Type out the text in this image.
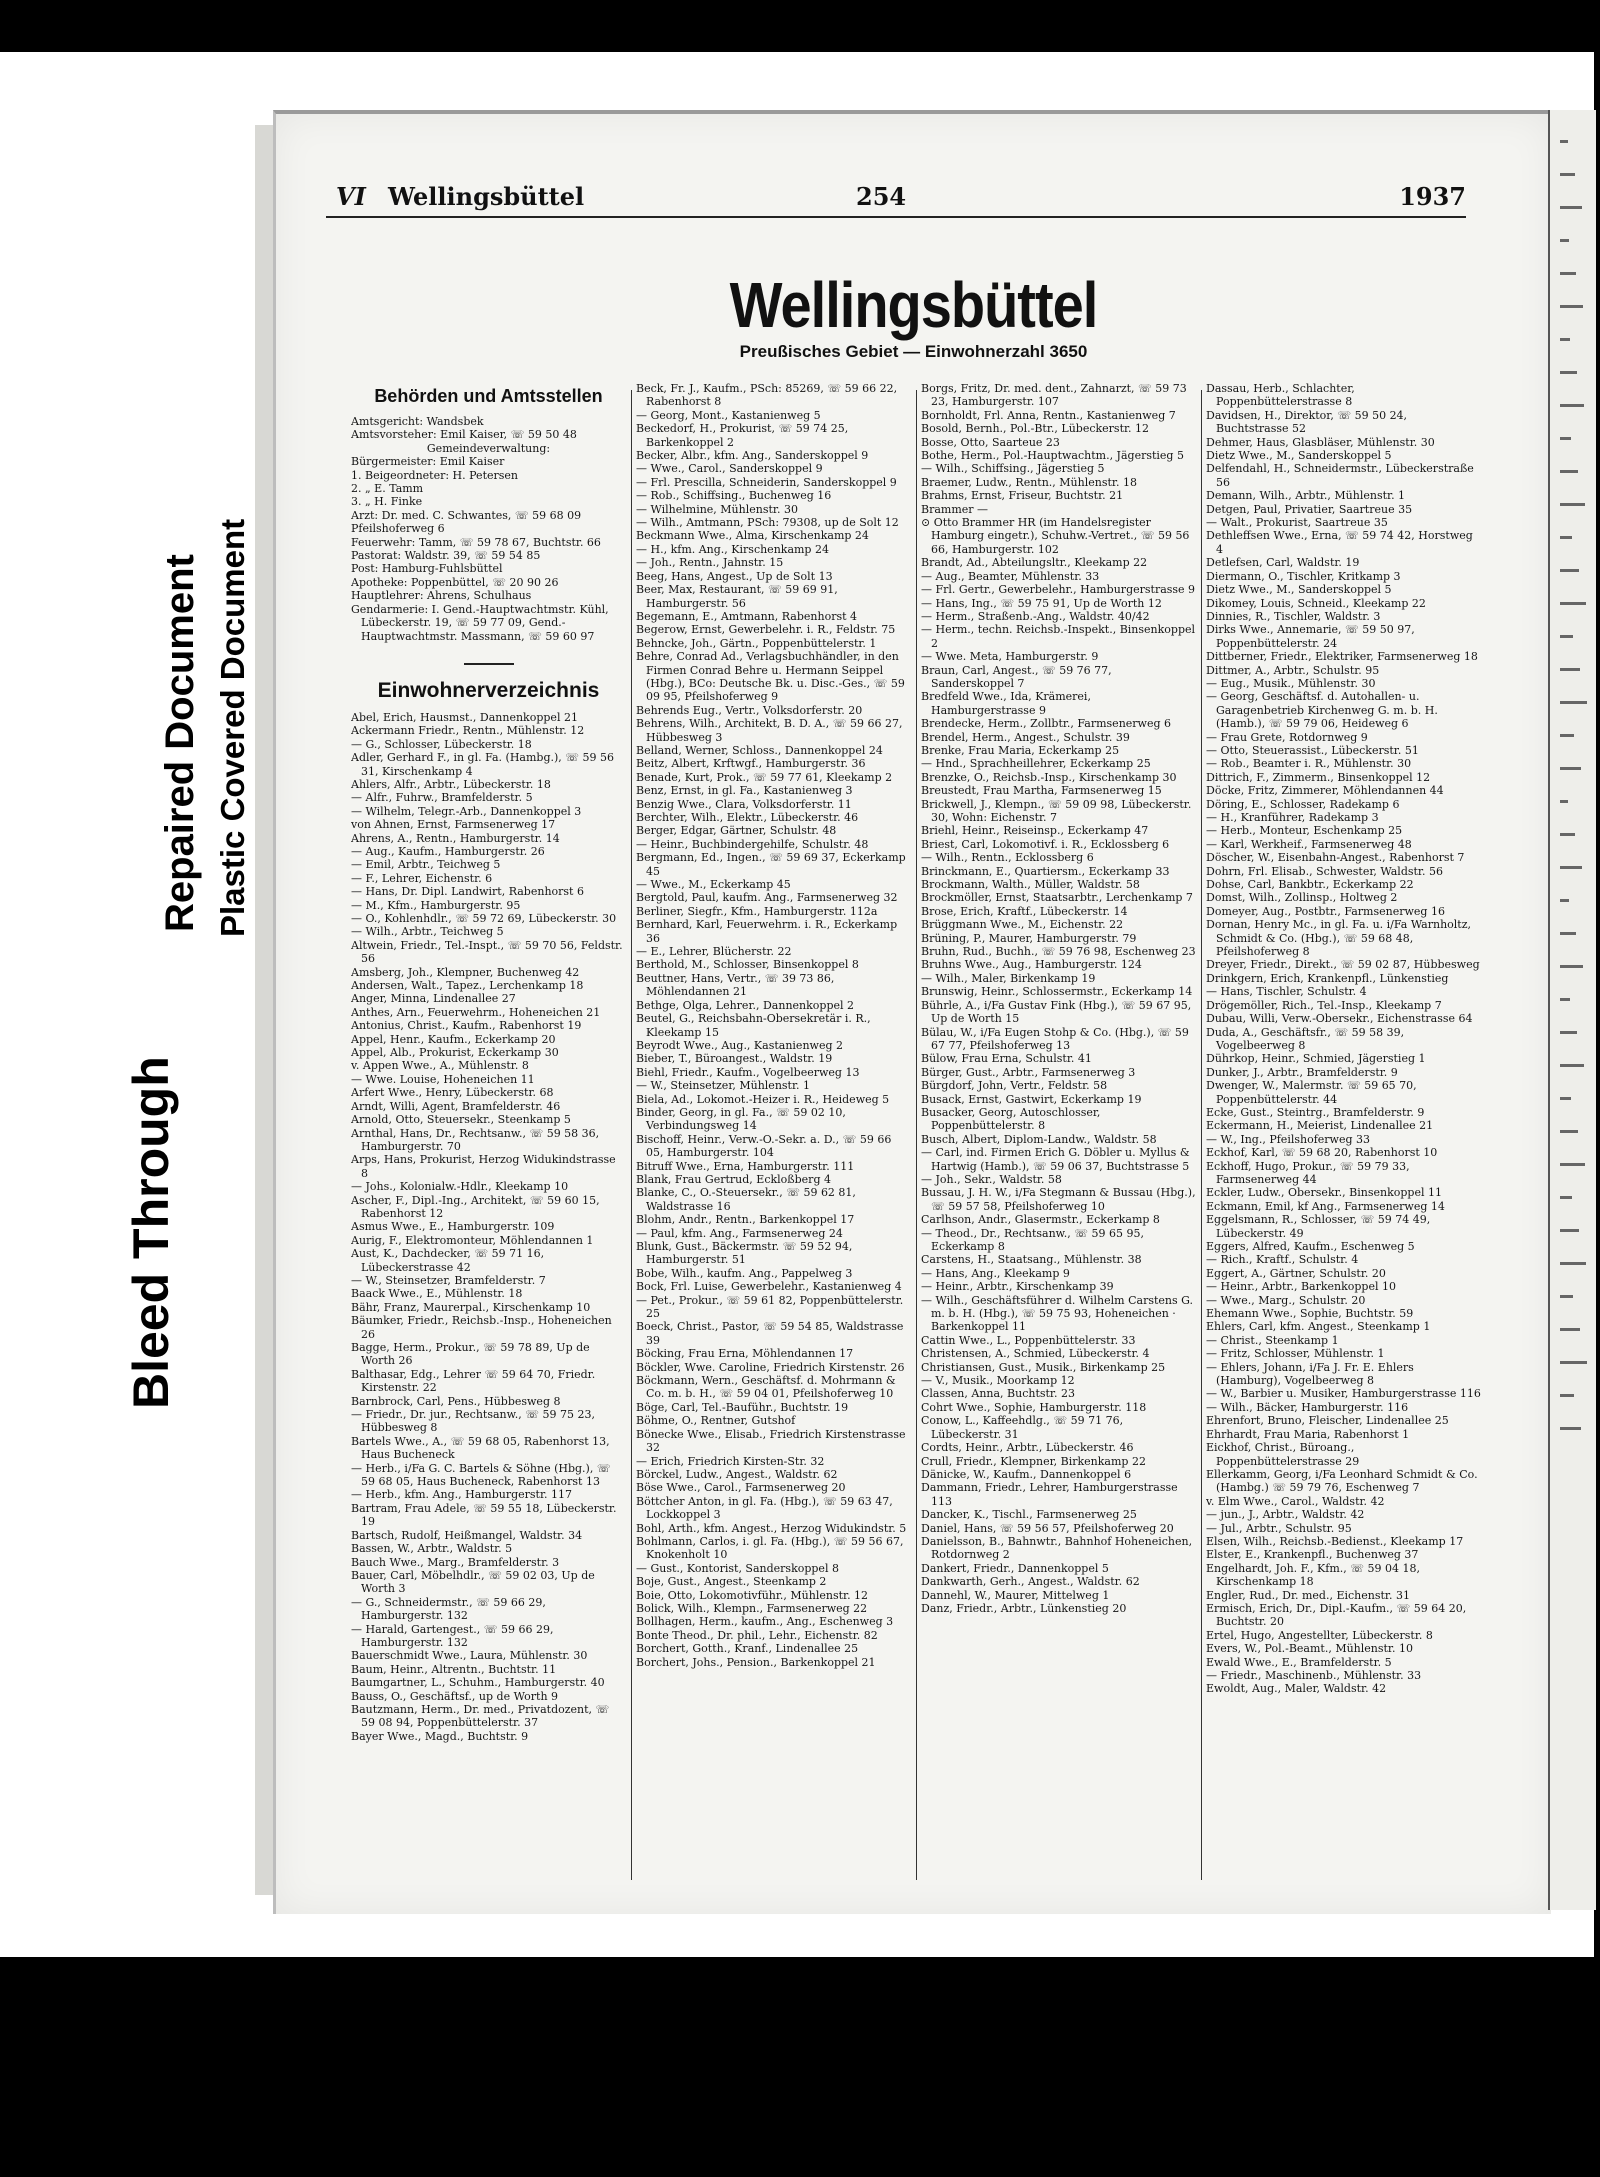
Bleed Through
Repaired Document Plastic Covered Document
VI Wellingsbüttel	254	1937
Wellingsbüttel
Preußisches Gebiet — Einwohnerzahl 3650
Behörden und Amtsstellen

Amtsgericht: Wandsbek

Amtsvorsteher: Emil Kaiser, ☏ 59 50 48

Gemeindeverwaltung:

Bürgermeister: Emil Kaiser

1. Beigeordneter: H. Petersen

2. „ E. Tamm

3. „ H. Finke

Arzt: Dr. med. C. Schwantes, ☏ 59 68 09

Pfeilshoferweg 6

Feuerwehr: Tamm, ☏ 59 78 67, Buchtstr. 66

Pastorat: Waldstr. 39, ☏ 59 54 85

Post: Hamburg-Fuhlsbüttel

Apotheke: Poppenbüttel, ☏ 20 90 26

Hauptlehrer: Ahrens, Schulhaus

Gendarmerie: I. Gend.-Hauptwachtmstr. Kühl, Lübeckerstr. 19, ☏ 59 77 09, Gend.-Hauptwachtmstr. Massmann, ☏ 59 60 97

Einwohnerverzeichnis

Abel, Erich, Hausmst., Dannenkoppel 21

Ackermann Friedr., Rentn., Mühlenstr. 12

— G., Schlosser, Lübeckerstr. 18

Adler, Gerhard F., in gl. Fa. (Hambg.), ☏ 59 56 31, Kirschenkamp 4

Ahlers, Alfr., Arbtr., Lübeckerstr. 18

— Alfr., Fuhrw., Bramfelderstr. 5

— Wilhelm, Telegr.-Arb., Dannenkoppel 3

von Ahnen, Ernst, Farmsenerweg 17

Ahrens, A., Rentn., Hamburgerstr. 14

— Aug., Kaufm., Hamburgerstr. 26

— Emil, Arbtr., Teichweg 5

— F., Lehrer, Eichenstr. 6

— Hans, Dr. Dipl. Landwirt, Rabenhorst 6

— M., Kfm., Hamburgerstr. 95

— O., Kohlenhdlr., ☏ 59 72 69, Lübeckerstr. 30

— Wilh., Arbtr., Teichweg 5

Altwein, Friedr., Tel.-Inspt., ☏ 59 70 56, Feldstr. 56

Amsberg, Joh., Klempner, Buchenweg 42

Andersen, Walt., Tapez., Lerchenkamp 18

Anger, Minna, Lindenallee 27

Anthes, Arn., Feuerwehrm., Hoheneichen 21

Antonius, Christ., Kaufm., Rabenhorst 19

Appel, Henr., Kaufm., Eckerkamp 20

Appel, Alb., Prokurist, Eckerkamp 30

v. Appen Wwe., A., Mühlenstr. 8

— Wwe. Louise, Hoheneichen 11

Arfert Wwe., Henry, Lübeckerstr. 68

Arndt, Willi, Agent, Bramfelderstr. 46

Arnold, Otto, Steuersekr., Steenkamp 5

Arnthal, Hans, Dr., Rechtsanw., ☏ 59 58 36, Hamburgerstr. 70

Arps, Hans, Prokurist, Herzog Widukindstrasse 8

— Johs., Kolonialw.-Hdlr., Kleekamp 10

Ascher, F., Dipl.-Ing., Architekt, ☏ 59 60 15, Rabenhorst 12

Asmus Wwe., E., Hamburgerstr. 109

Aurig, F., Elektromonteur, Möhlendannen 1

Aust, K., Dachdecker, ☏ 59 71 16, Lübeckerstrasse 42

— W., Steinsetzer, Bramfelderstr. 7

Baack Wwe., E., Mühlenstr. 18

Bähr, Franz, Maurerpal., Kirschenkamp 10

Bäumker, Friedr., Reichsb.-Insp., Hoheneichen 26

Bagge, Herm., Prokur., ☏ 59 78 89, Up de Worth 26

Balthasar, Edg., Lehrer ☏ 59 64 70, Friedr. Kirstenstr. 22

Barnbrock, Carl, Pens., Hübbesweg 8

— Friedr., Dr. jur., Rechtsanw., ☏ 59 75 23, Hübbesweg 8

Bartels Wwe., A., ☏ 59 68 05, Rabenhorst 13, Haus Bucheneck

— Herb., i/Fa G. C. Bartels & Söhne (Hbg.), ☏ 59 68 05, Haus Bucheneck, Rabenhorst 13

— Herb., kfm. Ang., Hamburgerstr. 117

Bartram, Frau Adele, ☏ 59 55 18, Lübeckerstr. 19

Bartsch, Rudolf, Heißmangel, Waldstr. 34

Bassen, W., Arbtr., Waldstr. 5

Bauch Wwe., Marg., Bramfelderstr. 3

Bauer, Carl, Möbelhdlr., ☏ 59 02 03, Up de Worth 3

— G., Schneidermstr., ☏ 59 66 29, Hamburgerstr. 132

— Harald, Gartengest., ☏ 59 66 29, Hamburgerstr. 132

Bauerschmidt Wwe., Laura, Mühlenstr. 30

Baum, Heinr., Altrentn., Buchtstr. 11

Baumgartner, L., Schuhm., Hamburgerstr. 40

Bauss, O., Geschäftsf., up de Worth 9

Bautzmann, Herm., Dr. med., Privatdozent, ☏ 59 08 94, Poppenbüttelerstr. 37

Bayer Wwe., Magd., Buchtstr. 9

Beck, Fr. J., Kaufm., PSch: 85269, ☏ 59 66 22, Rabenhorst 8

— Georg, Mont., Kastanienweg 5

Beckedorf, H., Prokurist, ☏ 59 74 25, Barkenkoppel 2

Becker, Albr., kfm. Ang., Sanderskoppel 9

— Wwe., Carol., Sanderskoppel 9

— Frl. Prescilla, Schneiderin, Sanderskoppel 9

— Rob., Schiffsing., Buchenweg 16

— Wilhelmine, Mühlenstr. 30

— Wilh., Amtmann, PSch: 79308, up de Solt 12

Beckmann Wwe., Alma, Kirschenkamp 24

— H., kfm. Ang., Kirschenkamp 24

— Joh., Rentn., Jahnstr. 15

Beeg, Hans, Angest., Up de Solt 13

Beer, Max, Restaurant, ☏ 59 69 91, Hamburgerstr. 56

Begemann, E., Amtmann, Rabenhorst 4

Begerow, Ernst, Gewerbelehr. i. R., Feldstr. 75

Behncke, Joh., Gärtn., Poppenbüttelerstr. 1

Behre, Conrad Ad., Verlagsbuchhändler, in den Firmen Conrad Behre u. Hermann Seippel (Hbg.), BCo: Deutsche Bk. u. Disc.-Ges., ☏ 59 09 95, Pfeilshoferweg 9

Behrends Eug., Vertr., Volksdorferstr. 20

Behrens, Wilh., Architekt, B. D. A., ☏ 59 66 27, Hübbesweg 3

Belland, Werner, Schloss., Dannenkoppel 24

Beitz, Albert, Krftwgf., Hamburgerstr. 36

Benade, Kurt, Prok., ☏ 59 77 61, Kleekamp 2

Benz, Ernst, in gl. Fa., Kastanienweg 3

Benzig Wwe., Clara, Volksdorferstr. 11

Berchter, Wilh., Elektr., Lübeckerstr. 46

Berger, Edgar, Gärtner, Schulstr. 48

— Heinr., Buchbindergehilfe, Schulstr. 48

Bergmann, Ed., Ingen., ☏ 59 69 37, Eckerkamp 45

— Wwe., M., Eckerkamp 45

Bergtold, Paul, kaufm. Ang., Farmsenerweg 32

Berliner, Siegfr., Kfm., Hamburgerstr. 112a

Bernhard, Karl, Feuerwehrm. i. R., Eckerkamp 36

— E., Lehrer, Blücherstr. 22

Berthold, M., Schlosser, Binsenkoppel 8

Beuttner, Hans, Vertr., ☏ 39 73 86, Möhlendannen 21

Bethge, Olga, Lehrer., Dannenkoppel 2

Beutel, G., Reichsbahn-Obersekretär i. R., Kleekamp 15

Beyrodt Wwe., Aug., Kastanienweg 2

Bieber, T., Büroangest., Waldstr. 19

Biehl, Friedr., Kaufm., Vogelbeerweg 13

— W., Steinsetzer, Mühlenstr. 1

Biela, Ad., Lokomot.-Heizer i. R., Heideweg 5

Binder, Georg, in gl. Fa., ☏ 59 02 10, Verbindungsweg 14

Bischoff, Heinr., Verw.-O.-Sekr. a. D., ☏ 59 66 05, Hamburgerstr. 104

Bitruff Wwe., Erna, Hamburgerstr. 111

Blank, Frau Gertrud, Eckloßberg 4

Blanke, C., O.-Steuersekr., ☏ 59 62 81, Waldstrasse 16

Blohm, Andr., Rentn., Barkenkoppel 17

— Paul, kfm. Ang., Farmsenerweg 24

Blunk, Gust., Bäckermstr. ☏ 59 52 94, Hamburgerstr. 51

Bobe, Wilh., kaufm. Ang., Pappelweg 3

Bock, Frl. Luise, Gewerbelehr., Kastanienweg 4

— Pet., Prokur., ☏ 59 61 82, Poppenbüttelerstr. 25

Boeck, Christ., Pastor, ☏ 59 54 85, Waldstrasse 39

Böcking, Frau Erna, Möhlendannen 17

Böckler, Wwe. Caroline, Friedrich Kirstenstr. 26

Böckmann, Wern., Geschäftsf. d. Mohrmann & Co. m. b. H., ☏ 59 04 01, Pfeilshoferweg 10

Böge, Carl, Tel.-Bauführ., Buchtstr. 19

Böhme, O., Rentner, Gutshof

Bönecke Wwe., Elisab., Friedrich Kirstenstrasse 32

— Erich, Friedrich Kirsten-Str. 32

Börckel, Ludw., Angest., Waldstr. 62

Böse Wwe., Carol., Farmsenerweg 20

Böttcher Anton, in gl. Fa. (Hbg.), ☏ 59 63 47, Lockkoppel 3

Bohl, Arth., kfm. Angest., Herzog Widukindstr. 5

Bohlmann, Carlos, i. gl. Fa. (Hbg.), ☏ 59 56 67, Knokenholt 10

— Gust., Kontorist, Sanderskoppel 8

Boje, Gust., Angest., Steenkamp 2

Boie, Otto, Lokomotivführ., Mühlenstr. 12

Bolick, Wilh., Klempn., Farmsenerweg 22

Bollhagen, Herm., kaufm., Ang., Eschenweg 3

Bonte Theod., Dr. phil., Lehr., Eichenstr. 82

Borchert, Gotth., Kranf., Lindenallee 25

Borchert, Johs., Pension., Barkenkoppel 21

Borgs, Fritz, Dr. med. dent., Zahnarzt, ☏ 59 73 23, Hamburgerstr. 107

Bornholdt, Frl. Anna, Rentn., Kastanienweg 7

Bosold, Bernh., Pol.-Btr., Lübeckerstr. 12

Bosse, Otto, Saarteue 23

Bothe, Herm., Pol.-Hauptwachtm., Jägerstieg 5

— Wilh., Schiffsing., Jägerstieg 5

Braemer, Ludw., Rentn., Mühlenstr. 18

Brahms, Ernst, Friseur, Buchtstr. 21

Brammer —

⊙ Otto Brammer HR (im Handelsregister Hamburg eingetr.), Schuhw.-Vertret., ☏ 59 56 66, Hamburgerstr. 102

Brandt, Ad., Abteilungsltr., Kleekamp 22

— Aug., Beamter, Mühlenstr. 33

— Frl. Gertr., Gewerbelehr., Hamburgerstrasse 9

— Hans, Ing., ☏ 59 75 91, Up de Worth 12

— Herm., Straßenb.-Ang., Waldstr. 40/42

— Herm., techn. Reichsb.-Inspekt., Binsenkoppel 2

— Wwe. Meta, Hamburgerstr. 9

Braun, Carl, Angest., ☏ 59 76 77, Sanderskoppel 7

Bredfeld Wwe., Ida, Krämerei, Hamburgerstrasse 9

Brendecke, Herm., Zollbtr., Farmsenerweg 6

Brendel, Herm., Angest., Schulstr. 39

Brenke, Frau Maria, Eckerkamp 25

— Hnd., Sprachheillehrer, Eckerkamp 25

Brenzke, O., Reichsb.-Insp., Kirschenkamp 30

Breustedt, Frau Martha, Farmsenerweg 15

Brickwell, J., Klempn., ☏ 59 09 98, Lübeckerstr. 30, Wohn: Eichenstr. 7

Briehl, Heinr., Reiseinsp., Eckerkamp 47

Briest, Carl, Lokomotivf. i. R., Ecklossberg 6

— Wilh., Rentn., Ecklossberg 6

Brinckmann, E., Quartiersm., Eckerkamp 33

Brockmann, Walth., Müller, Waldstr. 58

Brockmöller, Ernst, Staatsarbtr., Lerchenkamp 7

Brose, Erich, Kraftf., Lübeckerstr. 14

Brüggmann Wwe., M., Eichenstr. 22

Brüning, P., Maurer, Hamburgerstr. 79

Bruhn, Rud., Buchh., ☏ 59 76 98, Eschenweg 23

Bruhns Wwe., Aug., Hamburgerstr. 124

— Wilh., Maler, Birkenkamp 19

Brunswig, Heinr., Schlossermstr., Eckerkamp 14

Bührle, A., i/Fa Gustav Fink (Hbg.), ☏ 59 67 95, Up de Worth 15

Bülau, W., i/Fa Eugen Stohp & Co. (Hbg.), ☏ 59 67 77, Pfeilshoferweg 13

Bülow, Frau Erna, Schulstr. 41

Bürger, Gust., Arbtr., Farmsenerweg 3

Bürgdorf, John, Vertr., Feldstr. 58

Busack, Ernst, Gastwirt, Eckerkamp 19

Busacker, Georg, Autoschlosser, Poppenbüttelerstr. 8

Busch, Albert, Diplom-Landw., Waldstr. 58

— Carl, ind. Firmen Erich G. Döbler u. Myllus & Hartwig (Hamb.), ☏ 59 06 37, Buchtstrasse 5

— Joh., Sekr., Waldstr. 58

Bussau, J. H. W., i/Fa Stegmann & Bussau (Hbg.), ☏ 59 57 58, Pfeilshoferweg 10

Carlhson, Andr., Glasermstr., Eckerkamp 8

— Theod., Dr., Rechtsanw., ☏ 59 65 95, Eckerkamp 8

Carstens, H., Staatsang., Mühlenstr. 38

— Hans, Ang., Kleekamp 9

— Heinr., Arbtr., Kirschenkamp 39

— Wilh., Geschäftsführer d. Wilhelm Carstens G. m. b. H. (Hbg.), ☏ 59 75 93, Hoheneichen · Barkenkoppel 11

Cattin Wwe., L., Poppenbüttelerstr. 33

Christensen, A., Schmied, Lübeckerstr. 4

Christiansen, Gust., Musik., Birkenkamp 25

— V., Musik., Moorkamp 12

Classen, Anna, Buchtstr. 23

Cohrt Wwe., Sophie, Hamburgerstr. 118

Conow, L., Kaffeehdlg., ☏ 59 71 76, Lübeckerstr. 31

Cordts, Heinr., Arbtr., Lübeckerstr. 46

Crull, Friedr., Klempner, Birkenkamp 22

Dänicke, W., Kaufm., Dannenkoppel 6

Dammann, Friedr., Lehrer, Hamburgerstrasse 113

Dancker, K., Tischl., Farmsenerweg 25

Daniel, Hans, ☏ 59 56 57, Pfeilshoferweg 20

Danielsson, B., Bahnwtr., Bahnhof Hoheneichen, Rotdornweg 2

Dankert, Friedr., Dannenkoppel 5

Dankwarth, Gerh., Angest., Waldstr. 62

Dannehl, W., Maurer, Mittelweg 1

Danz, Friedr., Arbtr., Lünkenstieg 20

Dassau, Herb., Schlachter, Poppenbüttelerstrasse 8

Davidsen, H., Direktor, ☏ 59 50 24, Buchtstrasse 52

Dehmer, Haus, Glasbläser, Mühlenstr. 30

Dietz Wwe., M., Sanderskoppel 5

Delfendahl, H., Schneidermstr., Lübeckerstraße 56

Demann, Wilh., Arbtr., Mühlenstr. 1

Detgen, Paul, Privatier, Saartreue 35

— Walt., Prokurist, Saartreue 35

Dethleffsen Wwe., Erna, ☏ 59 74 42, Horstweg 4

Detlefsen, Carl, Waldstr. 19

Diermann, O., Tischler, Kritkamp 3

Dietz Wwe., M., Sanderskoppel 5

Dikomey, Louis, Schneid., Kleekamp 22

Dinnies, R., Tischler, Waldstr. 3

Dirks Wwe., Annemarie, ☏ 59 50 97, Poppenbüttelerstr. 24

Dittberner, Friedr., Elektriker, Farmsenerweg 18

Dittmer, A., Arbtr., Schulstr. 95

— Eug., Musik., Mühlenstr. 30

— Georg, Geschäftsf. d. Autohallen- u. Garagenbetrieb Kirchenweg G. m. b. H. (Hamb.), ☏ 59 79 06, Heideweg 6

— Frau Grete, Rotdornweg 9

— Otto, Steuerassist., Lübeckerstr. 51

— Rob., Beamter i. R., Mühlenstr. 30

Dittrich, F., Zimmerm., Binsenkoppel 12

Döcke, Fritz, Zimmerer, Möhlendannen 44

Döring, E., Schlosser, Radekamp 6

— H., Kranführer, Radekamp 3

— Herb., Monteur, Eschenkamp 25

— Karl, Werkheif., Farmsenerweg 48

Döscher, W., Eisenbahn-Angest., Rabenhorst 7

Dohrn, Frl. Elisab., Schwester, Waldstr. 56

Dohse, Carl, Bankbtr., Eckerkamp 22

Domst, Wilh., Zollinsp., Holtweg 2

Domeyer, Aug., Postbtr., Farmsenerweg 16

Dornan, Henry Mc., in gl. Fa. u. i/Fa Warnholtz, Schmidt & Co. (Hbg.), ☏ 59 68 48, Pfeilshoferweg 8

Dreyer, Friedr., Direkt., ☏ 59 02 87, Hübbesweg

Drinkgern, Erich, Krankenpfl., Lünkenstieg

— Hans, Tischler, Schulstr. 4

Drögemöller, Rich., Tel.-Insp., Kleekamp 7

Dubau, Willi, Verw.-Obersekr., Eichenstrasse 64

Duda, A., Geschäftsfr., ☏ 59 58 39, Vogelbeerweg 8

Dührkop, Heinr., Schmied, Jägerstieg 1

Dunker, J., Arbtr., Bramfelderstr. 9

Dwenger, W., Malermstr. ☏ 59 65 70, Poppenbüttelerstr. 44

Ecke, Gust., Steintrg., Bramfelderstr. 9

Eckermann, H., Meierist, Lindenallee 21

— W., Ing., Pfeilshoferweg 33

Eckhof, Karl, ☏ 59 68 20, Rabenhorst 10

Eckhoff, Hugo, Prokur., ☏ 59 79 33, Farmsenerweg 44

Eckler, Ludw., Obersekr., Binsenkoppel 11

Eckmann, Emil, kf Ang., Farmsenerweg 14

Eggelsmann, R., Schlosser, ☏ 59 74 49, Lübeckerstr. 49

Eggers, Alfred, Kaufm., Eschenweg 5

— Rich., Kraftf., Schulstr. 4

Eggert, A., Gärtner, Schulstr. 20

— Heinr., Arbtr., Barkenkoppel 10

— Wwe., Marg., Schulstr. 20

Ehemann Wwe., Sophie, Buchtstr. 59

Ehlers, Carl, kfm. Angest., Steenkamp 1

— Christ., Steenkamp 1

— Fritz, Schlosser, Mühlenstr. 1

— Ehlers, Johann, i/Fa J. Fr. E. Ehlers (Hamburg), Vogelbeerweg 8

— W., Barbier u. Musiker, Hamburgerstrasse 116

— Wilh., Bäcker, Hamburgerstr. 116

Ehrenfort, Bruno, Fleischer, Lindenallee 25

Ehrhardt, Frau Maria, Rabenhorst 1

Eickhof, Christ., Büroang., Poppenbüttelerstrasse 29

Ellerkamm, Georg, i/Fa Leonhard Schmidt & Co. (Hambg.) ☏ 59 79 76, Eschenweg 7

v. Elm Wwe., Carol., Waldstr. 42

— jun., J., Arbtr., Waldstr. 42

— Jul., Arbtr., Schulstr. 95

Elsen, Wilh., Reichsb.-Bedienst., Kleekamp 17

Elster, E., Krankenpfl., Buchenweg 37

Engelhardt, Joh. F., Kfm., ☏ 59 04 18, Kirschenkamp 18

Engler, Rud., Dr. med., Eichenstr. 31

Ermisch, Erich, Dr., Dipl.-Kaufm., ☏ 59 64 20, Buchtstr. 20

Ertel, Hugo, Angestellter, Lübeckerstr. 8

Evers, W., Pol.-Beamt., Mühlenstr. 10

Ewald Wwe., E., Bramfelderstr. 5

— Friedr., Maschinenb., Mühlenstr. 33

Ewoldt, Aug., Maler, Waldstr. 42
